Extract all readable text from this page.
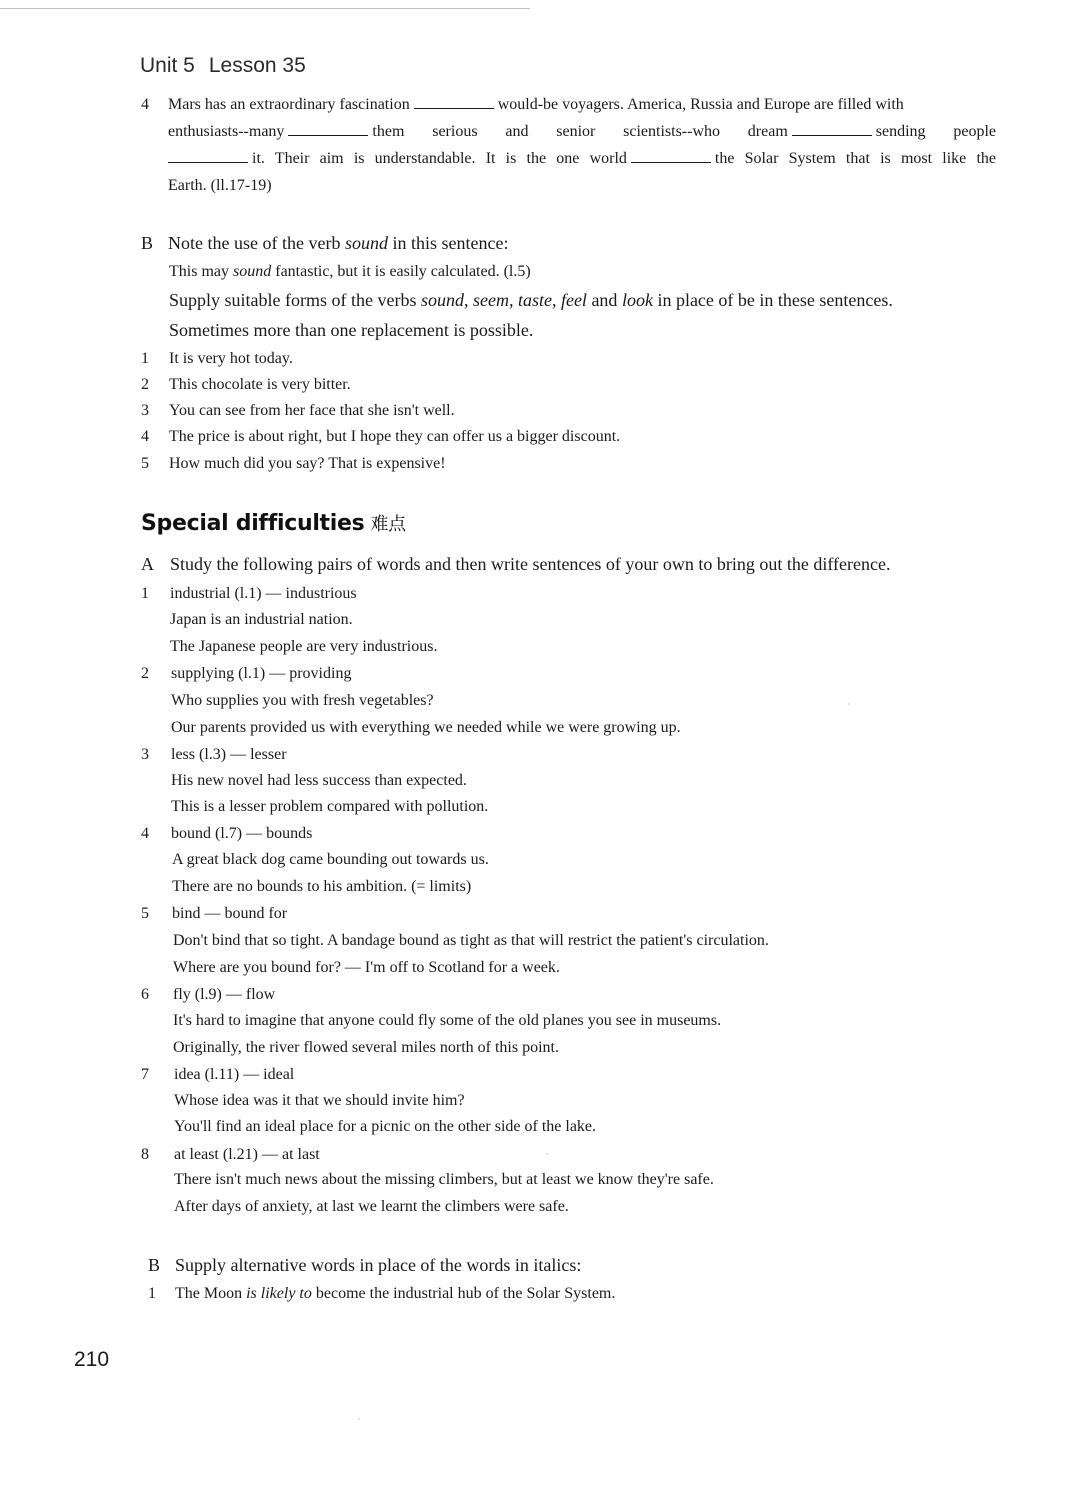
Unit 5 Lesson 35
4 Mars has an extraordinary fascination	would-be voyagers. America, Russia and Europe are filled with
enthusiasts--many	them serious and senior scientists--who dream	sending people
it. Their aim is understandable. It is the one world	the Solar System that is most like the
Earth. (ll.17-19)
B Note the use of the verb sound in this sentence:
This may sound fantastic, but it is easily calculated. (l.5)
Supply suitable forms of the verbs sound, seem, taste, feel and look in place of be in these sentences.
Sometimes more than one replacement is possible.
1 It is very hot today.
2 This chocolate is very bitter.
3 You can see from her face that she isn't well.
4 The price is about right, but I hope they can offer us a bigger discount.
5 How much did you say? That is expensive!
Special difficulties 难点
A Study the following pairs of words and then write sentences of your own to bring out the difference.
1 industrial (l.1) — industrious
Japan is an industrial nation.
The Japanese people are very industrious.
2 supplying (l.1) — providing
Who supplies you with fresh vegetables?
Our parents provided us with everything we needed while we were growing up.
3 less (l.3) — lesser
His new novel had less success than expected.
This is a lesser problem compared with pollution.
4 bound (l.7) — bounds
A great black dog came bounding out towards us.
There are no bounds to his ambition. (= limits)
5 bind — bound for
Don't bind that so tight. A bandage bound as tight as that will restrict the patient's circulation.
Where are you bound for? — I'm off to Scotland for a week.
6 fly (l.9) — flow
It's hard to imagine that anyone could fly some of the old planes you see in museums.
Originally, the river flowed several miles north of this point.
7 idea (l.11) — ideal
Whose idea was it that we should invite him?
You'll find an ideal place for a picnic on the other side of the lake.
8 at least (l.21) — at last
There isn't much news about the missing climbers, but at least we know they're safe.
After days of anxiety, at last we learnt the climbers were safe.
B Supply alternative words in place of the words in italics:
1 The Moon is likely to become the industrial hub of the Solar System.
210
